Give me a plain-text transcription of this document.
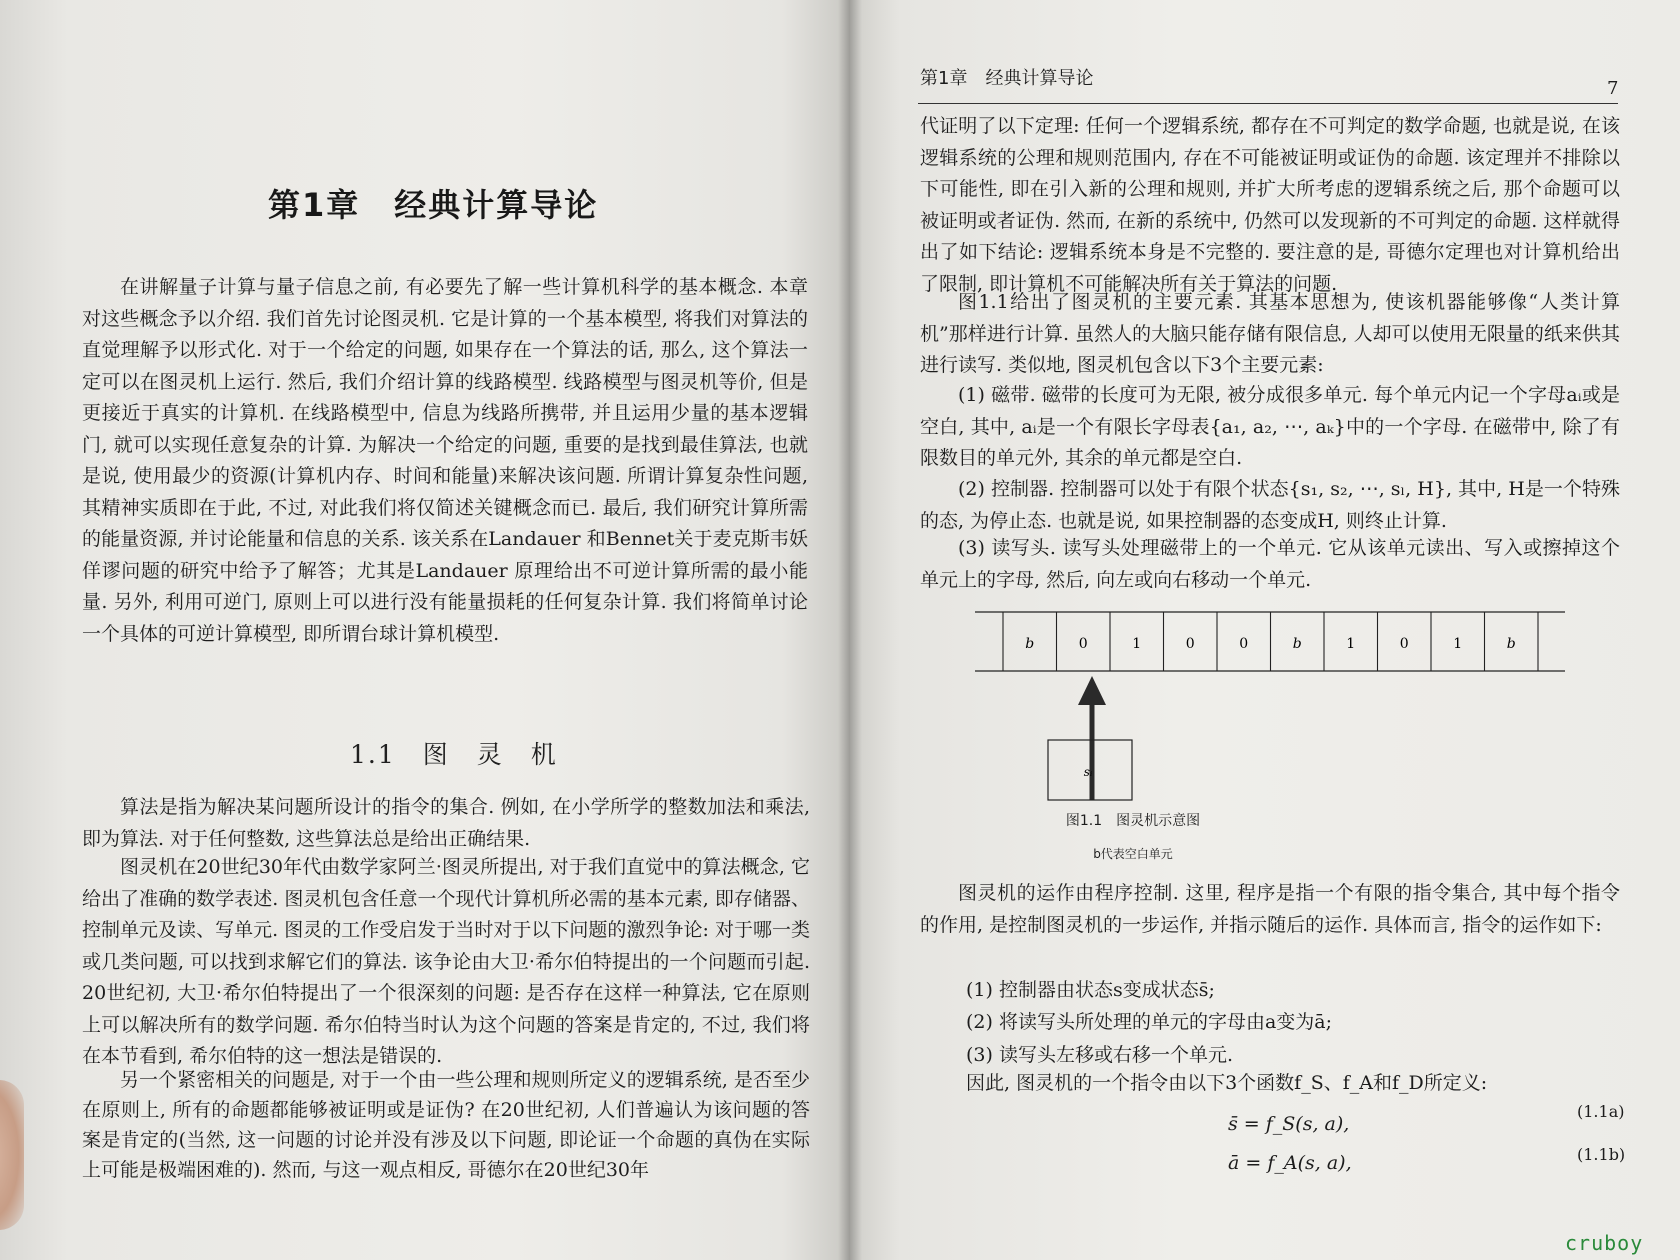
第1章　经典计算导论
在讲解量子计算与量子信息之前, 有必要先了解一些计算机科学的基本概念. 本章对这些概念予以介绍. 我们首先讨论图灵机. 它是计算的一个基本模型, 将我们对算法的直觉理解予以形式化. 对于一个给定的问题, 如果存在一个算法的话, 那么, 这个算法一定可以在图灵机上运行. 然后, 我们介绍计算的线路模型. 线路模型与图灵机等价, 但是更接近于真实的计算机. 在线路模型中, 信息为线路所携带, 并且运用少量的基本逻辑门, 就可以实现任意复杂的计算. 为解决一个给定的问题, 重要的是找到最佳算法, 也就是说, 使用最少的资源(计算机内存、时间和能量)来解决该问题. 所谓计算复杂性问题, 其精神实质即在于此, 不过, 对此我们将仅简述关键概念而已. 最后, 我们研究计算所需的能量资源, 并讨论能量和信息的关系. 该关系在Landauer 和Bennet关于麦克斯韦妖佯谬问题的研究中给予了解答；尤其是Landauer 原理给出不可逆计算所需的最小能量. 另外, 利用可逆门, 原则上可以进行没有能量损耗的任何复杂计算. 我们将简单讨论一个具体的可逆计算模型, 即所谓台球计算机模型.
1.1　图　灵　机
算法是指为解决某问题所设计的指令的集合. 例如, 在小学所学的整数加法和乘法, 即为算法. 对于任何整数, 这些算法总是给出正确结果.
图灵机在20世纪30年代由数学家阿兰·图灵所提出, 对于我们直觉中的算法概念, 它给出了准确的数学表述. 图灵机包含任意一个现代计算机所必需的基本元素, 即存储器、控制单元及读、写单元. 图灵的工作受启发于当时对于以下问题的激烈争论: 对于哪一类或几类问题, 可以找到求解它们的算法. 该争论由大卫·希尔伯特提出的一个问题而引起. 20世纪初, 大卫·希尔伯特提出了一个很深刻的问题: 是否存在这样一种算法, 它在原则上可以解决所有的数学问题. 希尔伯特当时认为这个问题的答案是肯定的, 不过, 我们将在本节看到, 希尔伯特的这一想法是错误的.
另一个紧密相关的问题是, 对于一个由一些公理和规则所定义的逻辑系统, 是否至少在原则上, 所有的命题都能够被证明或是证伪? 在20世纪初, 人们普遍认为该问题的答案是肯定的(当然, 这一问题的讨论并没有涉及以下问题, 即论证一个命题的真伪在实际上可能是极端困难的). 然而, 与这一观点相反, 哥德尔在20世纪30年
第1章　经典计算导论	7
代证明了以下定理: 任何一个逻辑系统, 都存在不可判定的数学命题, 也就是说, 在该逻辑系统的公理和规则范围内, 存在不可能被证明或证伪的命题. 该定理并不排除以下可能性, 即在引入新的公理和规则, 并扩大所考虑的逻辑系统之后, 那个命题可以被证明或者证伪. 然而, 在新的系统中, 仍然可以发现新的不可判定的命题. 这样就得出了如下结论: 逻辑系统本身是不完整的. 要注意的是, 哥德尔定理也对计算机给出了限制, 即计算机不可能解决所有关于算法的问题.
图1.1给出了图灵机的主要元素. 其基本思想为, 使该机器能够像“人类计算机”那样进行计算. 虽然人的大脑只能存储有限信息, 人却可以使用无限量的纸来供其进行读写. 类似地, 图灵机包含以下3个主要元素:
(1) 磁带. 磁带的长度可为无限, 被分成很多单元. 每个单元内记一个字母aᵢ或是空白, 其中, aᵢ是一个有限长字母表{a₁, a₂, ⋯, aₖ}中的一个字母. 在磁带中, 除了有限数目的单元外, 其余的单元都是空白.
(2) 控制器. 控制器可以处于有限个状态{s₁, s₂, ⋯, sₗ, H}, 其中, H是一个特殊的态, 为停止态. 也就是说, 如果控制器的态变成H, 则终止计算.
(3) 读写头. 读写头处理磁带上的一个单元. 它从该单元读出、写入或擦掉这个单元上的字母, 然后, 向左或向右移动一个单元.
b	0	1	0	0	b	1	0	1	b
sᵢ
图1.1　图灵机示意图
b代表空白单元
图灵机的运作由程序控制. 这里, 程序是指一个有限的指令集合, 其中每个指令的作用, 是控制图灵机的一步运作, 并指示随后的运作. 具体而言, 指令的运作如下:
(1) 控制器由状态s变成状态s̄;
(2) 将读写头所处理的单元的字母由a变为ā;
(3) 读写头左移或右移一个单元.
因此, 图灵机的一个指令由以下3个函数f_S、f_A和f_D所定义:
s̄ = f_S(s, a),
(1.1a)
ā = f_A(s, a),	(1.1b)
cruboy
